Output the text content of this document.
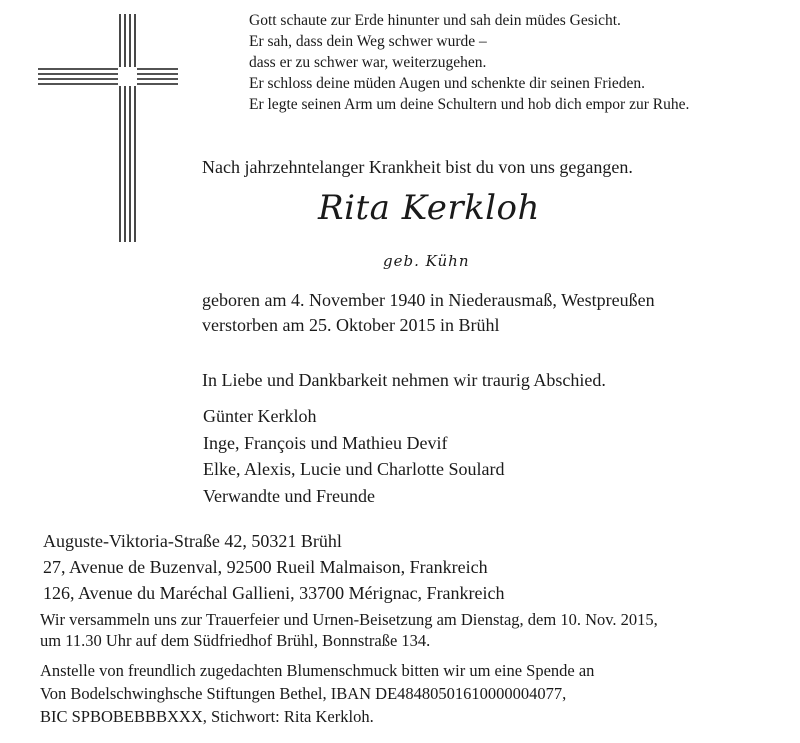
Gott schaute zur Erde hinunter und sah dein müdes Gesicht.
Er sah, dass dein Weg schwer wurde –
dass er zu schwer war, weiterzugehen.
Er schloss deine müden Augen und schenkte dir seinen Frieden.
Er legte seinen Arm um deine Schultern und hob dich empor zur Ruhe.
Nach jahrzehntelanger Krankheit bist du von uns gegangen.
Rita Kerkloh
geb. Kühn
geboren am 4. November 1940 in Niederausmaß, Westpreußen
verstorben am 25. Oktober 2015 in Brühl
In Liebe und Dankbarkeit nehmen wir traurig Abschied.
Günter Kerkloh
Inge, François und Mathieu Devif
Elke, Alexis, Lucie und Charlotte Soulard
Verwandte und Freunde
Auguste-Viktoria-Straße 42, 50321 Brühl
27, Avenue de Buzenval, 92500 Rueil Malmaison, Frankreich
126, Avenue du Maréchal Gallieni, 33700 Mérignac, Frankreich
Wir versammeln uns zur Trauerfeier und Urnen-Beisetzung am Dienstag, dem 10. Nov. 2015,
um 11.30 Uhr auf dem Südfriedhof Brühl, Bonnstraße 134.
Anstelle von freundlich zugedachten Blumenschmuck bitten wir um eine Spende an
Von Bodelschwinghsche Stiftungen Bethel, IBAN DE48480501610000004077,
BIC SPBOBEBBBXXX, Stichwort: Rita Kerkloh.
